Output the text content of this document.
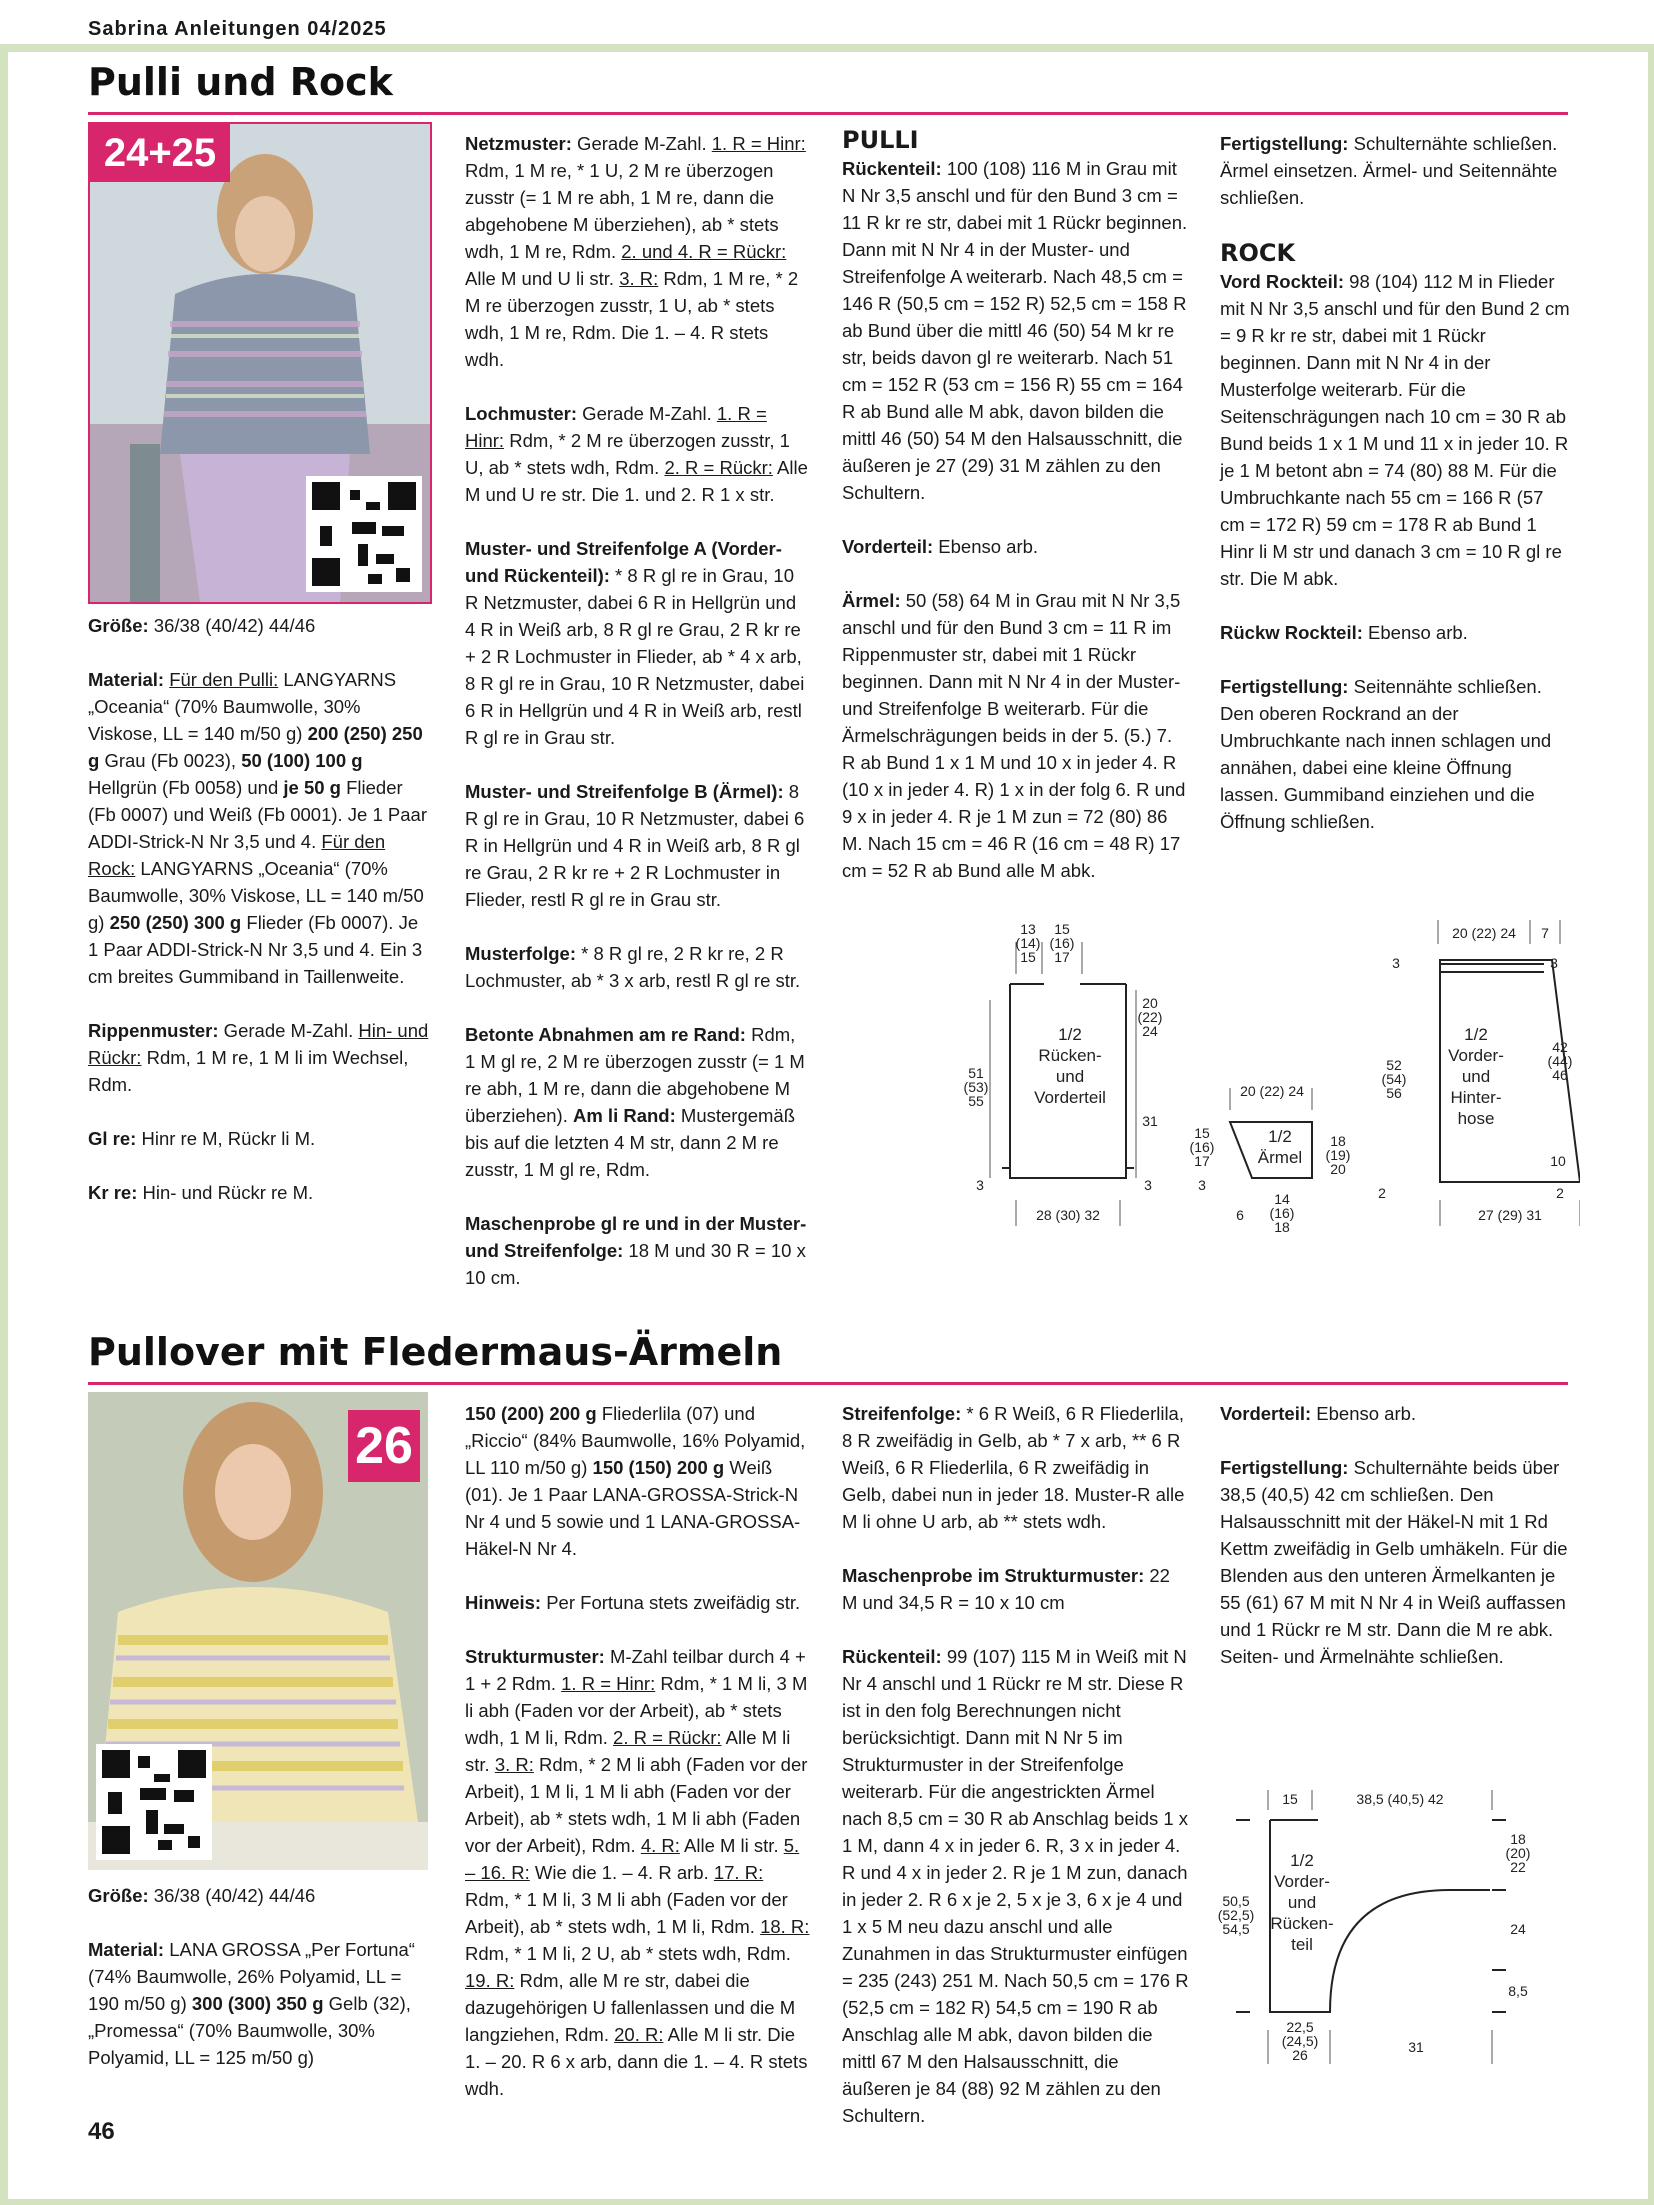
Sabrina Anleitungen 04/2025
Pulli und Rock
24+25

Größe: 36/38 (40/42) 44/46

Material: Für den Pulli: LANGYARNS „Oceania“ (70% Baumwolle, 30% Viskose, LL = 140 m/50 g) 200 (250) 250 g Grau (Fb 0023), 50 (100) 100 g Hellgrün (Fb 0058) und je 50 g Flieder (Fb 0007) und Weiß (Fb 0001). Je 1 Paar ADDI-Strick-N Nr 3,5 und 4. Für den Rock: LANGYARNS „Oceania“ (70% Baumwolle, 30% Viskose, LL = 140 m/50 g) 250 (250) 300 g Flieder (Fb 0007). Je 1 Paar ADDI-Strick-N Nr 3,5 und 4. Ein 3 cm breites Gummiband in Taillenweite.

Rippenmuster: Gerade M-Zahl. Hin- und Rückr: Rdm, 1 M re, 1 M li im Wechsel, Rdm.

Gl re: Hinr re M, Rückr li M.

Kr re: Hin- und Rückr re M.

Netzmuster: Gerade M-Zahl. 1. R = Hinr: Rdm, 1 M re, * 1 U, 2 M re überzogen zusstr (= 1 M re abh, 1 M re, dann die abgehobene M überziehen), ab * stets wdh, 1 M re, Rdm. 2. und 4. R = Rückr: Alle M und U li str. 3. R: Rdm, 1 M re, * 2 M re überzogen zusstr, 1 U, ab * stets wdh, 1 M re, Rdm. Die 1. – 4. R stets wdh.

Lochmuster: Gerade M-Zahl. 1. R = Hinr: Rdm, * 2 M re überzogen zusstr, 1 U, ab * stets wdh, Rdm. 2. R = Rückr: Alle M und U re str. Die 1. und 2. R 1 x str.

Muster- und Streifenfolge A (Vorder- und Rückenteil): * 8 R gl re in Grau, 10 R Netzmuster, dabei 6 R in Hellgrün und 4 R in Weiß arb, 8 R gl re Grau, 2 R kr re + 2 R Lochmuster in Flieder, ab * 4 x arb, 8 R gl re in Grau, 10 R Netzmuster, dabei 6 R in Hellgrün und 4 R in Weiß arb, restl R gl re in Grau str.

Muster- und Streifenfolge B (Ärmel): 8 R gl re in Grau, 10 R Netzmuster, dabei 6 R in Hellgrün und 4 R in Weiß arb, 8 R gl re Grau, 2 R kr re + 2 R Lochmuster in Flieder, restl R gl re in Grau str.

Musterfolge: * 8 R gl re, 2 R kr re, 2 R Lochmuster, ab * 3 x arb, restl R gl re str.

Betonte Abnahmen am re Rand: Rdm, 1 M gl re, 2 M re überzogen zusstr (= 1 M re abh, 1 M re, dann die abgehobene M überziehen). Am li Rand: Mustergemäß bis auf die letzten 4 M str, dann 2 M re zusstr, 1 M gl re, Rdm.

Maschenprobe gl re und in der Muster- und Streifenfolge: 18 M und 30 R = 10 x 10 cm.

PULLI

Rückenteil: 100 (108) 116 M in Grau mit N Nr 3,5 anschl und für den Bund 3 cm = 11 R kr re str, dabei mit 1 Rückr beginnen. Dann mit N Nr 4 in der Muster- und Streifenfolge A weiterarb. Nach 48,5 cm = 146 R (50,5 cm = 152 R) 52,5 cm = 158 R ab Bund über die mittl 46 (50) 54 M kr re str, beids davon gl re weiterarb. Nach 51 cm = 152 R (53 cm = 156 R) 55 cm = 164 R ab Bund alle M abk, davon bilden die mittl 46 (50) 54 M den Halsausschnitt, die äußeren je 27 (29) 31 M zählen zu den Schultern.

Vorderteil: Ebenso arb.

Ärmel: 50 (58) 64 M in Grau mit N Nr 3,5 anschl und für den Bund 3 cm = 11 R im Rippenmuster str, dabei mit 1 Rückr beginnen. Dann mit N Nr 4 in der Muster- und Streifenfolge B weiterarb. Für die Ärmelschrägungen beids in der 5. (5.) 7. R ab Bund 1 x 1 M und 10 x in jeder 4. R (10 x in jeder 4. R) 1 x in der folg 6. R und 9 x in jeder 4. R je 1 M zun = 72 (80) 86 M. Nach 15 cm = 46 R (16 cm = 48 R) 17 cm = 52 R ab Bund alle M abk.

Fertigstellung: Schulternähte schließen. Ärmel einsetzen. Ärmel- und Seitennähte schließen.

ROCK

Vord Rockteil: 98 (104) 112 M in Flieder mit N Nr 3,5 anschl und für den Bund 2 cm = 9 R kr re str, dabei mit 1 Rückr beginnen. Dann mit N Nr 4 in der Musterfolge weiterarb. Für die Seitenschrägungen nach 10 cm = 30 R ab Bund beids 1 x 1 M und 11 x in jeder 10. R je 1 M betont abn = 74 (80) 88 M. Für die Umbruchkante nach 55 cm = 166 R (57 cm = 172 R) 59 cm = 178 R ab Bund 1 Hinr li M str und danach 3 cm = 10 R gl re str. Die M abk.

Rückw Rockteil: Ebenso arb.

Fertigstellung: Seitennähte schließen. Den oberen Rockrand an der Umbruchkante nach innen schlagen und annähen, dabei eine kleine Öffnung lassen. Gummiband einziehen und die Öffnung schließen.

13
(14)
15
15
(16)
17
1/2
Rücken-
und
Vorderteil
20
(22)
24
31
51
(53)
55
3	3
28 (30) 32
20 (22) 24
1/2
Ärmel
15
(16)
17
3
18
(19)
20
14
(16)
18
6
20 (22) 24 7
3	3
1/2
Vorder-
und
Hinter-
hose
52
(54)
56
42
(44)
46
10
2	2
27 (29) 31
Pullover mit Fledermaus-Ärmeln
26

Größe: 36/38 (40/42) 44/46

Material: LANA GROSSA „Per Fortuna“ (74% Baumwolle, 26% Polyamid, LL = 190 m/50 g) 300 (300) 350 g Gelb (32), „Promessa“ (70% Baumwolle, 30% Polyamid, LL = 125 m/50 g)

150 (200) 200 g Fliederlila (07) und „Riccio“ (84% Baumwolle, 16% Polyamid, LL 110 m/50 g) 150 (150) 200 g Weiß (01). Je 1 Paar LANA-GROSSA-Strick-N Nr 4 und 5 sowie und 1 LANA-GROSSA-Häkel-N Nr 4.

Hinweis: Per Fortuna stets zweifädig str.

Strukturmuster: M-Zahl teilbar durch 4 + 1 + 2 Rdm. 1. R = Hinr: Rdm, * 1 M li, 3 M li abh (Faden vor der Arbeit), ab * stets wdh, 1 M li, Rdm. 2. R = Rückr: Alle M li str. 3. R: Rdm, * 2 M li abh (Faden vor der Arbeit), 1 M li, 1 M li abh (Faden vor der Arbeit), ab * stets wdh, 1 M li abh (Faden vor der Arbeit), Rdm. 4. R: Alle M li str. 5. – 16. R: Wie die 1. – 4. R arb. 17. R: Rdm, * 1 M li, 3 M li abh (Faden vor der Arbeit), ab * stets wdh, 1 M li, Rdm. 18. R: Rdm, * 1 M li, 2 U, ab * stets wdh, Rdm. 19. R: Rdm, alle M re str, dabei die dazugehörigen U fallenlassen und die M langziehen, Rdm. 20. R: Alle M li str. Die 1. – 20. R 6 x arb, dann die 1. – 4. R stets wdh.

Streifenfolge: * 6 R Weiß, 6 R Fliederlila, 8 R zweifädig in Gelb, ab * 7 x arb, ** 6 R Weiß, 6 R Fliederlila, 6 R zweifädig in Gelb, dabei nun in jeder 18. Muster-R alle M li ohne U arb, ab ** stets wdh.

Maschenprobe im Strukturmuster: 22 M und 34,5 R = 10 x 10 cm

Rückenteil: 99 (107) 115 M in Weiß mit N Nr 4 anschl und 1 Rückr re M str. Diese R ist in den folg Berechnungen nicht berücksichtigt. Dann mit N Nr 5 im Strukturmuster in der Streifenfolge weiterarb. Für die angestrickten Ärmel nach 8,5 cm = 30 R ab Anschlag beids 1 x 1 M, dann 4 x in jeder 6. R, 3 x in jeder 4. R und 4 x in jeder 2. R je 1 M zun, danach in jeder 2. R 6 x je 2, 5 x je 3, 6 x je 4 und 1 x 5 M neu dazu anschl und alle Zunahmen in das Strukturmuster einfügen = 235 (243) 251 M. Nach 50,5 cm = 176 R (52,5 cm = 182 R) 54,5 cm = 190 R ab Anschlag alle M abk, davon bilden die mittl 67 M den Halsausschnitt, die äußeren je 84 (88) 92 M zählen zu den Schultern.

Vorderteil: Ebenso arb.

Fertigstellung: Schulternähte beids über 38,5 (40,5) 42 cm schließen. Den Halsausschnitt mit der Häkel-N mit 1 Rd Kettm zweifädig in Gelb umhäkeln. Für die Blenden aus den unteren Ärmelkanten je 55 (61) 67 M mit N Nr 4 in Weiß auffassen und 1 Rückr re M str. Dann die M re abk. Seiten- und Ärmelnähte schließen.

15	38,5 (40,5) 42
1/2
Vorder-
und
Rücken-
teil
50,5
(52,5)
54,5
18
(20)
22
24
8,5
22,5
(24,5)
26	31
46
